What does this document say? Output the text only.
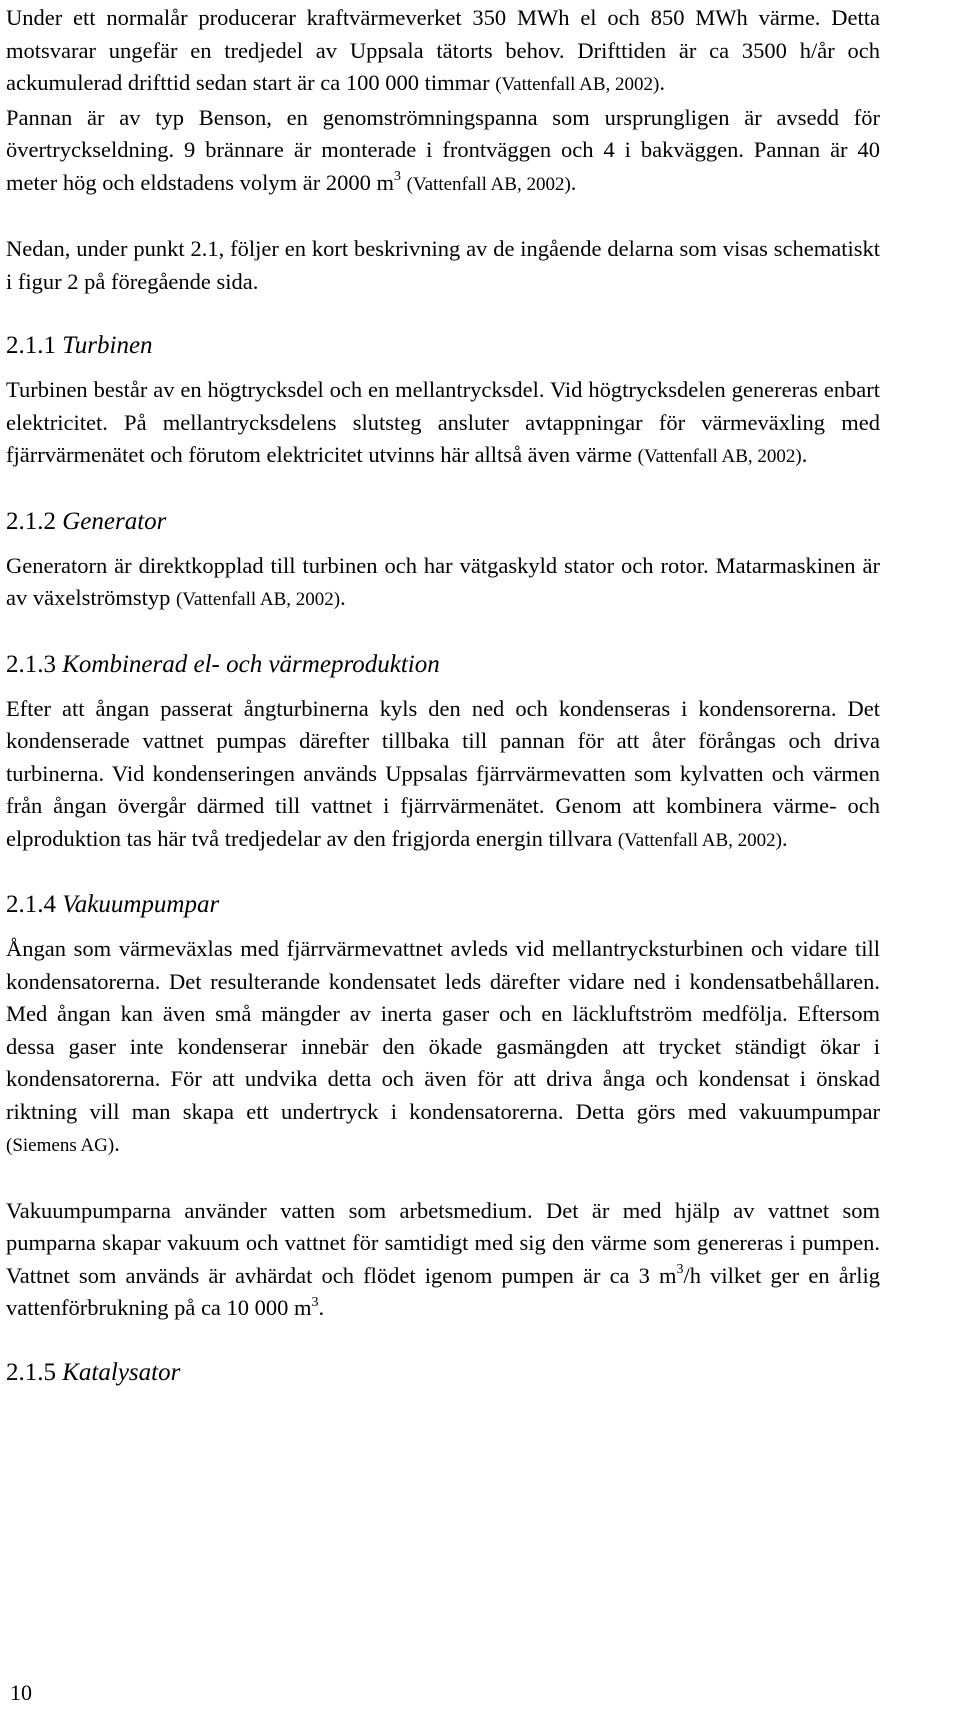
Under ett normalår producerar kraftvärmeverket 350 MWh el och 850 MWh värme. Detta motsvarar ungefär en tredjedel av Uppsala tätorts behov. Drifttiden är ca 3500 h/år och ackumulerad drifttid sedan start är ca 100 000 timmar (Vattenfall AB, 2002).

Pannan är av typ Benson, en genomströmningspanna som ursprungligen är avsedd för övertryckseldning. 9 brännare är monterade i frontväggen och 4 i bakväggen. Pannan är 40 meter hög och eldstadens volym är 2000 $m^3$ (Vattenfall AB, 2002).

Nedan, under punkt 2.1, följer en kort beskrivning av de ingående delarna som visas schematiskt i figur 2 på föregående sida.

2.1.1 Turbinen

Turbinen består av en högtrycksdel och en mellantrycksdel. Vid högtrycksdelen genereras enbart elektricitet. På mellantrycksdelens slutsteg ansluter avtappningar för värmeväxling med fjärrvärmenätet och förutom elektricitet utvinns här alltså även värme (Vattenfall AB, 2002).

2.1.2 Generator

Generatorn är direktkopplad till turbinen och har vätgaskyld stator och rotor. Matarmaskinen är av växelströmstyp (Vattenfall AB, 2002).

2.1.3 Kombinerad el- och värmeproduktion

Efter att ångan passerat ångturbinerna kyls den ned och kondenseras i kondensorerna. Det kondenserade vattnet pumpas därefter tillbaka till pannan för att åter förångas och driva turbinerna. Vid kondenseringen används Uppsalas fjärrvärmevatten som kylvatten och värmen från ångan övergår därmed till vattnet i fjärrvärmenätet. Genom att kombinera värme- och elproduktion tas här två tredjedelar av den frigjorda energin tillvara (Vattenfall AB, 2002).

2.1.4 Vakuumpumpar

Ångan som värmeväxlas med fjärrvärmevattnet avleds vid mellantrycksturbinen och vidare till kondensatorerna. Det resulterande kondensatet leds därefter vidare ned i kondensatbehållaren. Med ångan kan även små mängder av inerta gaser och en läckluftström medfölja. Eftersom dessa gaser inte kondenserar innebär den ökade gasmängden att trycket ständigt ökar i kondensatorerna. För att undvika detta och även för att driva ånga och kondensat i önskad riktning vill man skapa ett undertryck i kondensatorerna. Detta görs med vakuumpumpar (Siemens AG).

Vakuumpumparna använder vatten som arbetsmedium. Det är med hjälp av vattnet som pumparna skapar vakuum och vattnet för samtidigt med sig den värme som genereras i pumpen. Vattnet som används är avhärdat och flödet igenom pumpen är ca 3 $m^3/h$ vilket ger en årlig vattenförbrukning på ca 10 000 $m^3$.

2.1.5 Katalysator
10
